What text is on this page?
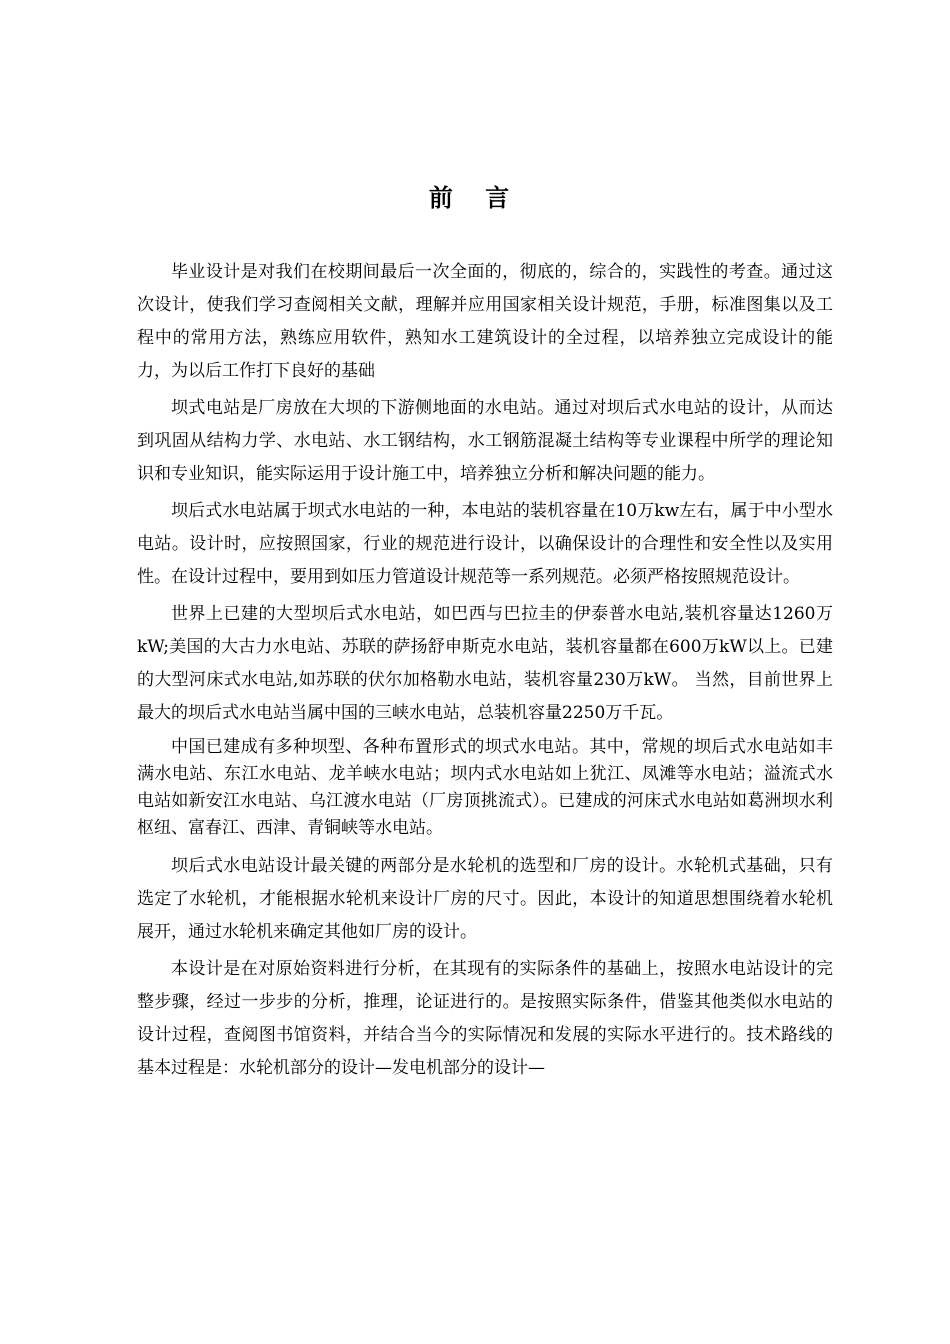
前 言

毕业设计是对我们在校期间最后一次全面的，彻底的，综合的，实践性的考查。通过这次设计，使我们学习查阅相关文献，理解并应用国家相关设计规范，手册，标准图集以及工程中的常用方法，熟练应用软件，熟知水工建筑设计的全过程，以培养独立完成设计的能力，为以后工作打下良好的基础

坝式电站是厂房放在大坝的下游侧地面的水电站。通过对坝后式水电站的设计，从而达到巩固从结构力学、水电站、水工钢结构，水工钢筋混凝土结构等专业课程中所学的理论知识和专业知识，能实际运用于设计施工中，培养独立分析和解决问题的能力。

坝后式水电站属于坝式水电站的一种，本电站的装机容量在10万kw左右，属于中小型水电站。设计时，应按照国家，行业的规范进行设计，以确保设计的合理性和安全性以及实用性。在设计过程中，要用到如压力管道设计规范等一系列规范。必须严格按照规范设计。

世界上已建的大型坝后式水电站，如巴西与巴拉圭的伊泰普水电站,装机容量达1260万kW;美国的大古力水电站、苏联的萨扬舒申斯克水电站，装机容量都在600万kW以上。已建的大型河床式水电站,如苏联的伏尔加格勒水电站，装机容量230万kW。 当然，目前世界上最大的坝后式水电站当属中国的三峡水电站，总装机容量2250万千瓦。

中国已建成有多种坝型、各种布置形式的坝式水电站。其中，常规的坝后式水电站如丰满水电站、东江水电站、龙羊峡水电站；坝内式水电站如上犹江、凤滩等水电站；溢流式水电站如新安江水电站、乌江渡水电站（厂房顶挑流式）。已建成的河床式水电站如葛洲坝水利枢纽、富春江、西津、青铜峡等水电站。

坝后式水电站设计最关键的两部分是水轮机的选型和厂房的设计。水轮机式基础，只有选定了水轮机，才能根据水轮机来设计厂房的尺寸。因此，本设计的知道思想围绕着水轮机展开，通过水轮机来确定其他如厂房的设计。

本设计是在对原始资料进行分析，在其现有的实际条件的基础上，按照水电站设计的完整步骤，经过一步步的分析，推理，论证进行的。是按照实际条件，借鉴其他类似水电站的设计过程，查阅图书馆资料，并结合当今的实际情况和发展的实际水平进行的。技术路线的基本过程是：水轮机部分的设计—发电机部分的设计—
